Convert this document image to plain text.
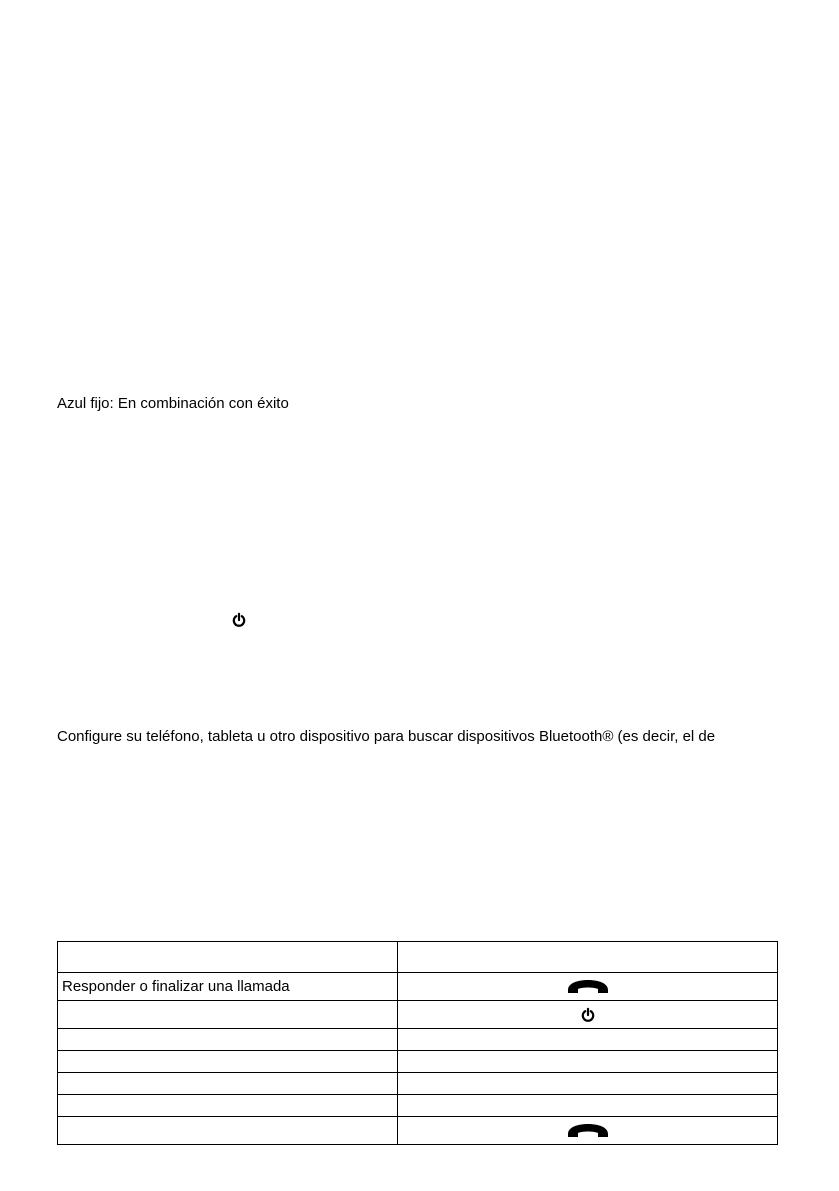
Azul fijo: En combinación con éxito
Configure su teléfono, tableta u otro dispositivo para buscar dispositivos Bluetooth® (es decir, el de

Responder o finalizar una llamada	
